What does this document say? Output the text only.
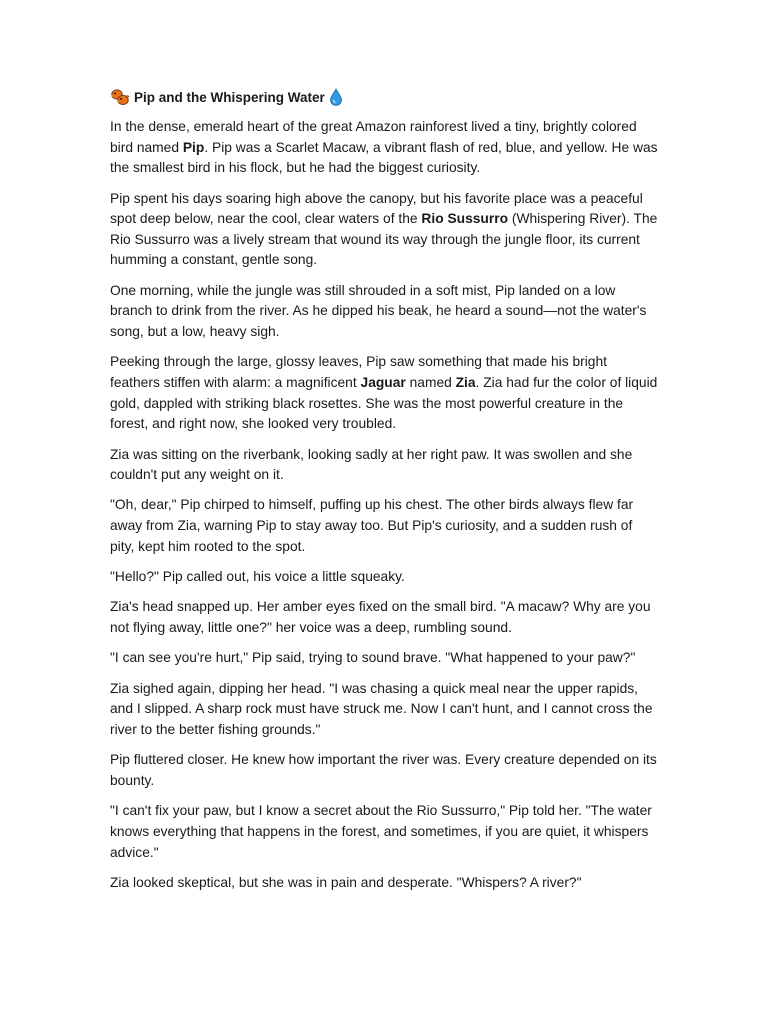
Pip and the Whispering Water

In the dense, emerald heart of the great Amazon rainforest lived a tiny, brightly colored bird named Pip. Pip was a Scarlet Macaw, a vibrant flash of red, blue, and yellow. He was the smallest bird in his flock, but he had the biggest curiosity.

Pip spent his days soaring high above the canopy, but his favorite place was a peaceful spot deep below, near the cool, clear waters of the Rio Sussurro (Whispering River). The Rio Sussurro was a lively stream that wound its way through the jungle floor, its current humming a constant, gentle song.

One morning, while the jungle was still shrouded in a soft mist, Pip landed on a low branch to drink from the river. As he dipped his beak, he heard a sound—not the water's song, but a low, heavy sigh.

Peeking through the large, glossy leaves, Pip saw something that made his bright feathers stiffen with alarm: a magnificent Jaguar named Zia. Zia had fur the color of liquid gold, dappled with striking black rosettes. She was the most powerful creature in the forest, and right now, she looked very troubled.

Zia was sitting on the riverbank, looking sadly at her right paw. It was swollen and she couldn't put any weight on it.

"Oh, dear," Pip chirped to himself, puffing up his chest. The other birds always flew far away from Zia, warning Pip to stay away too. But Pip's curiosity, and a sudden rush of pity, kept him rooted to the spot.

"Hello?" Pip called out, his voice a little squeaky.

Zia's head snapped up. Her amber eyes fixed on the small bird. "A macaw? Why are you not flying away, little one?" her voice was a deep, rumbling sound.

"I can see you're hurt," Pip said, trying to sound brave. "What happened to your paw?"

Zia sighed again, dipping her head. "I was chasing a quick meal near the upper rapids, and I slipped. A sharp rock must have struck me. Now I can't hunt, and I cannot cross the river to the better fishing grounds."

Pip fluttered closer. He knew how important the river was. Every creature depended on its bounty.

"I can't fix your paw, but I know a secret about the Rio Sussurro," Pip told her. "The water knows everything that happens in the forest, and sometimes, if you are quiet, it whispers advice."

Zia looked skeptical, but she was in pain and desperate. "Whispers? A river?"
